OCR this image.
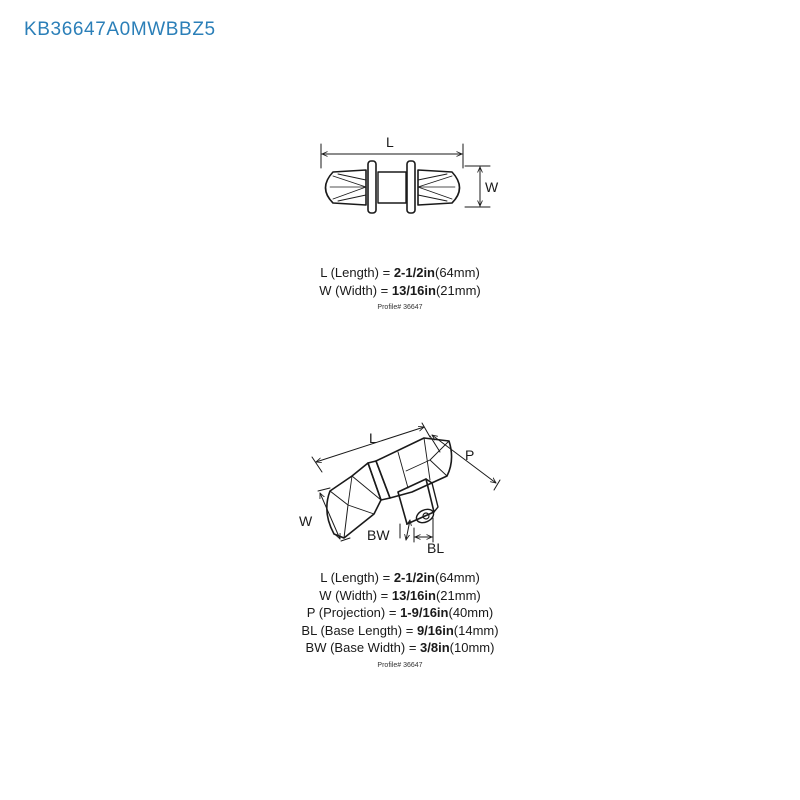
KB36647A0MWBBZ5
L
W
L
P
W
BW
BL
L (Length) = 2-1/2in(64mm)
W (Width) = 13/16in(21mm)
Profile# 36647
L (Length) = 2-1/2in(64mm)
W (Width) = 13/16in(21mm)
P (Projection) = 1-9/16in(40mm)
BL (Base Length) = 9/16in(14mm)
BW (Base Width) = 3/8in(10mm)
Profile# 36647
